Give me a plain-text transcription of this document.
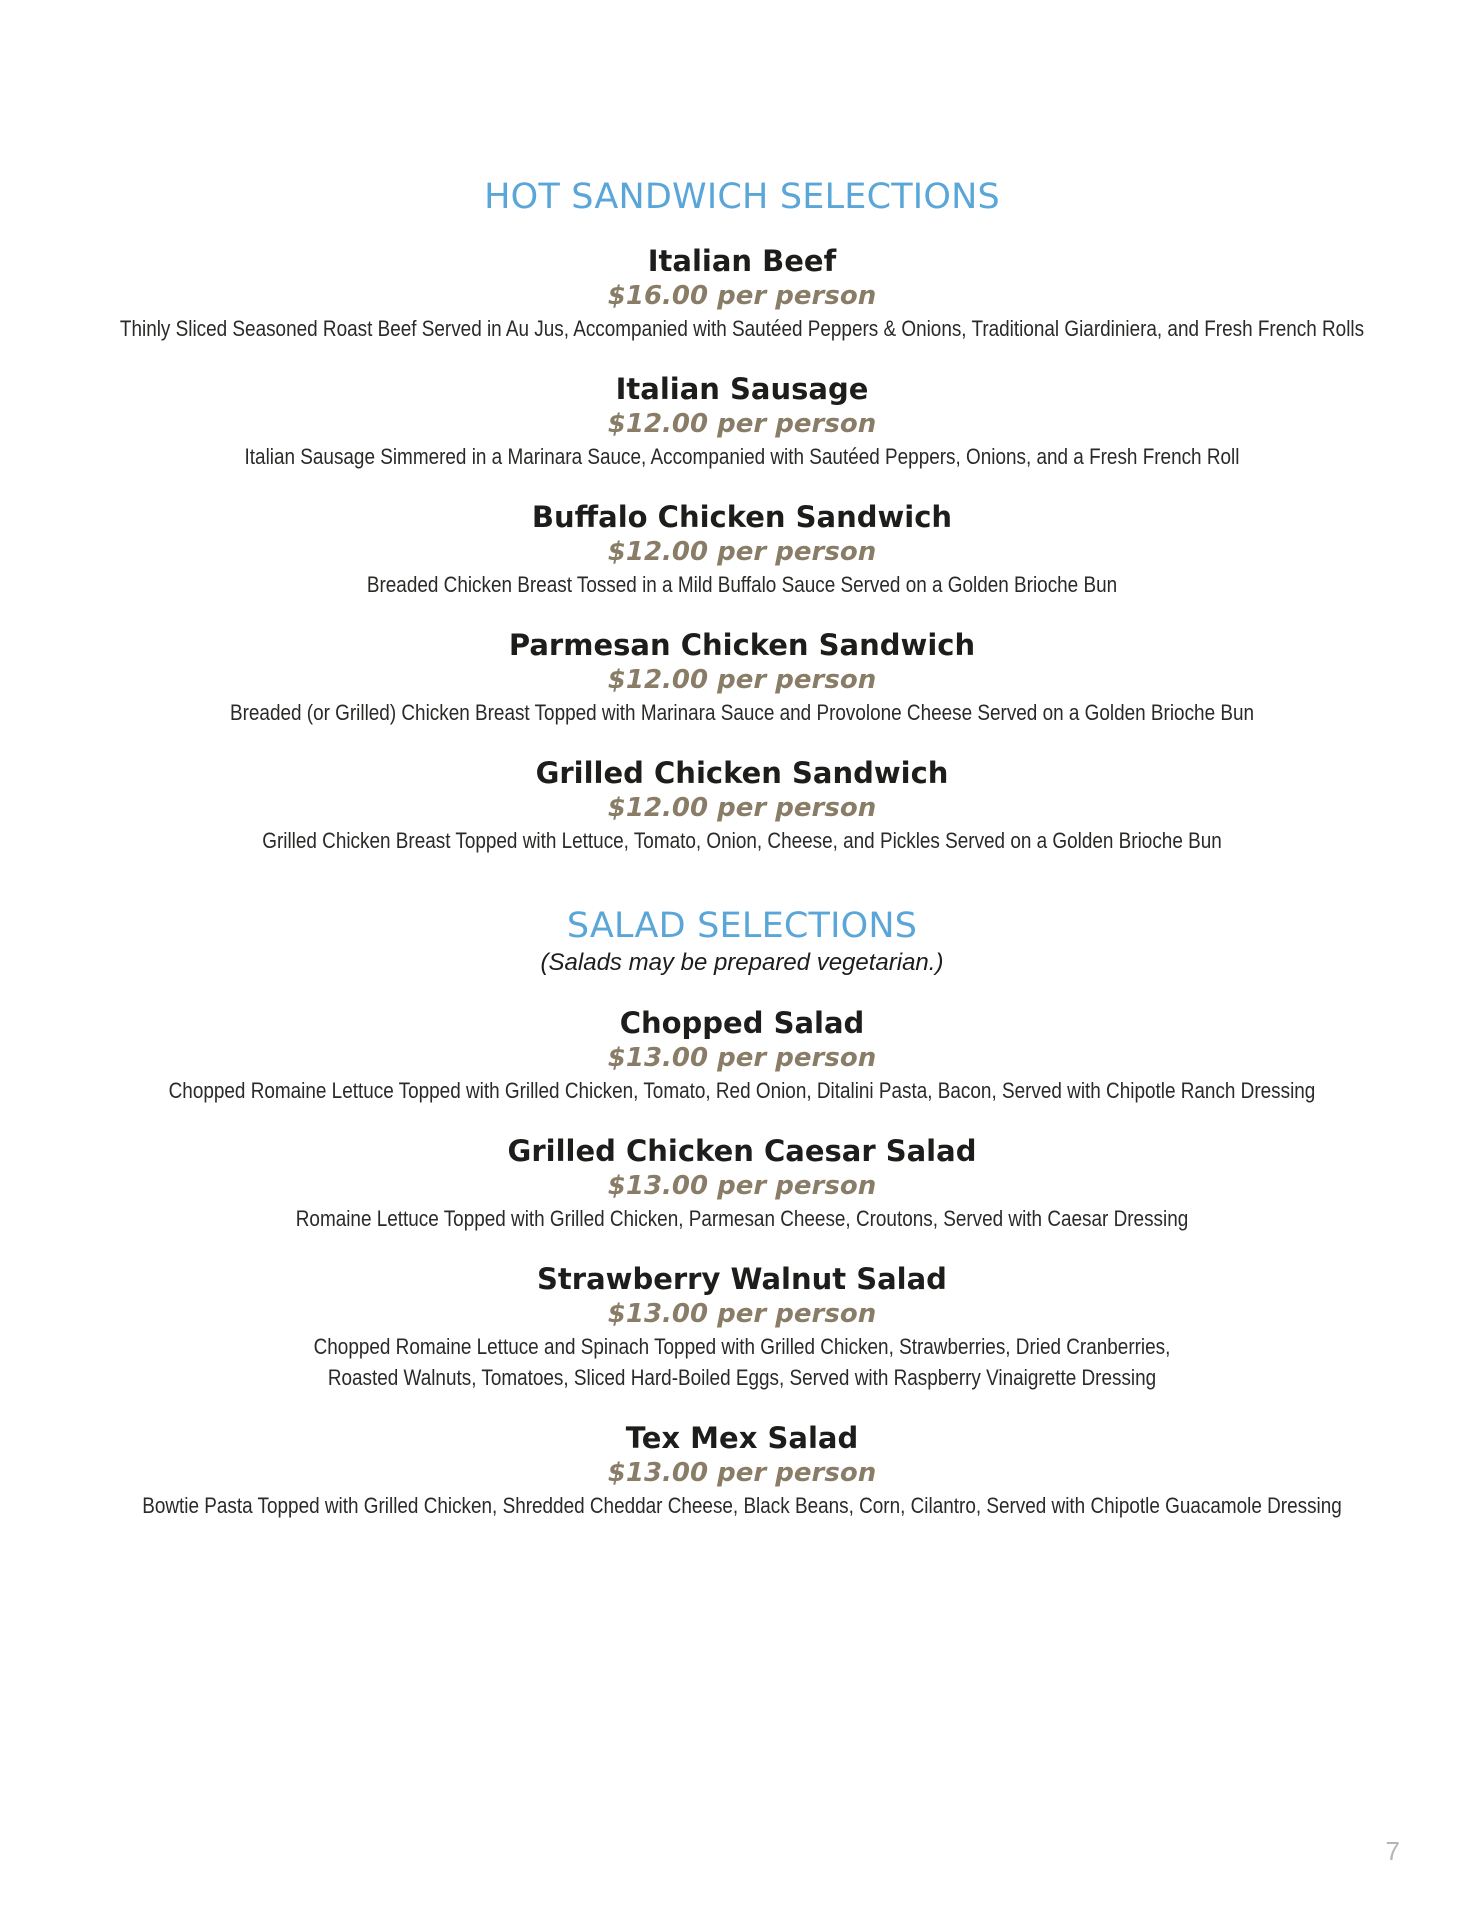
HOT SANDWICH SELECTIONS
Italian Beef
$16.00 per person
Thinly Sliced Seasoned Roast Beef Served in Au Jus, Accompanied with Sautéed Peppers & Onions, Traditional Giardiniera, and Fresh French Rolls
Italian Sausage
$12.00 per person
Italian Sausage Simmered in a Marinara Sauce, Accompanied with Sautéed Peppers, Onions, and a Fresh French Roll
Buffalo Chicken Sandwich
$12.00 per person
Breaded Chicken Breast Tossed in a Mild Buffalo Sauce Served on a Golden Brioche Bun
Parmesan Chicken Sandwich
$12.00 per person
Breaded (or Grilled) Chicken Breast Topped with Marinara Sauce and Provolone Cheese Served on a Golden Brioche Bun
Grilled Chicken Sandwich
$12.00 per person
Grilled Chicken Breast Topped with Lettuce, Tomato, Onion, Cheese, and Pickles Served on a Golden Brioche Bun
SALAD SELECTIONS

(Salads may be prepared vegetarian.)

Chopped Salad
$13.00 per person
Chopped Romaine Lettuce Topped with Grilled Chicken, Tomato, Red Onion, Ditalini Pasta, Bacon, Served with Chipotle Ranch Dressing
Grilled Chicken Caesar Salad
$13.00 per person
Romaine Lettuce Topped with Grilled Chicken, Parmesan Cheese, Croutons, Served with Caesar Dressing
Strawberry Walnut Salad
$13.00 per person
Chopped Romaine Lettuce and Spinach Topped with Grilled Chicken, Strawberries, Dried Cranberries,
Roasted Walnuts, Tomatoes, Sliced Hard-Boiled Eggs, Served with Raspberry Vinaigrette Dressing
Tex Mex Salad
$13.00 per person
Bowtie Pasta Topped with Grilled Chicken, Shredded Cheddar Cheese, Black Beans, Corn, Cilantro, Served with Chipotle Guacamole Dressing
7
